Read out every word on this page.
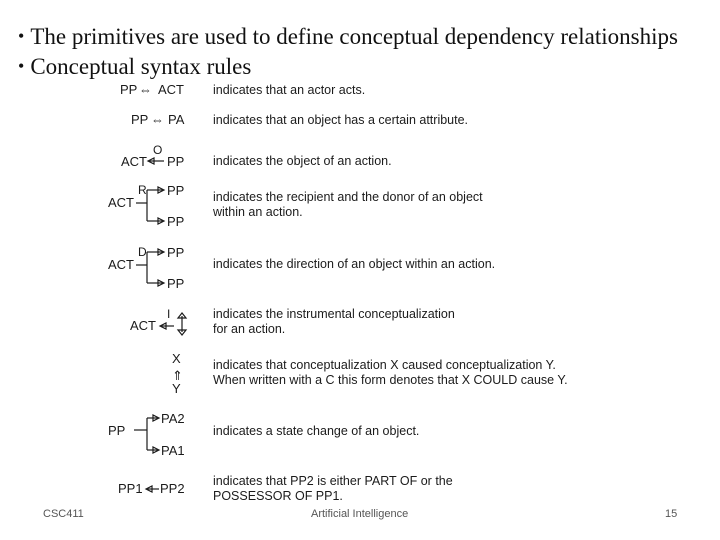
• The primitives are used to define conceptual dependency relationships
• Conceptual syntax rules
PP ⇔ ACT
PP ⇔ PA
O
ACT PP
ACT
R PP
PP
ACT
D PP
PP
ACT
I
X
⇑
Y
PP
PA2
PA1
PP1 PP2
indicates that an actor acts.
indicates that an object has a certain attribute.
indicates the object of an action.
indicates the recipient and the donor of an object
within an action.
indicates the direction of an object within an action.
indicates the instrumental conceptualization
for an action.
indicates that conceptualization X caused conceptualization Y.
When written with a C this form denotes that X COULD cause Y.
indicates a state change of an object.
indicates that PP2 is either PART OF or the
POSSESSOR OF PP1.
CSC411	Artificial Intelligence	15
